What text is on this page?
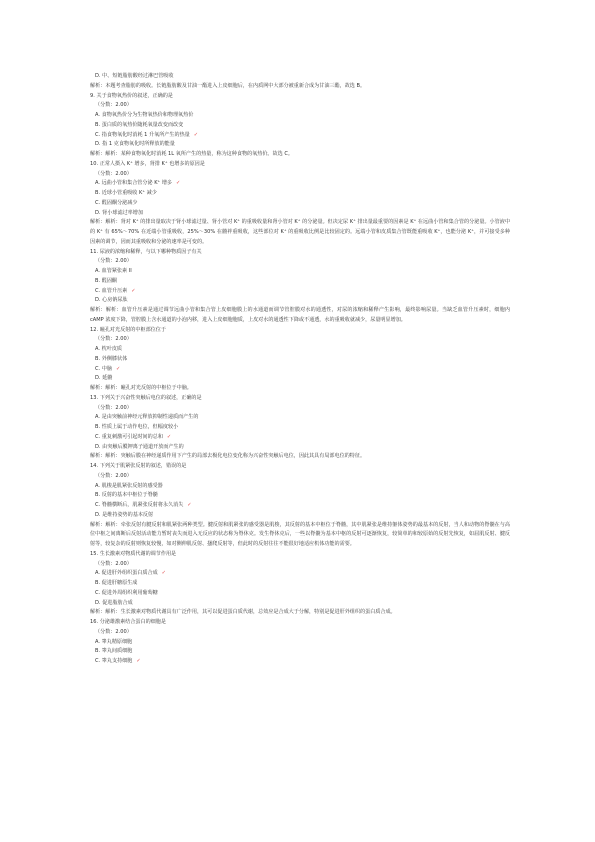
D. 中、短链脂肪酸经过淋巴管吸收
解析：本题考查脂肪的吸收。长链脂肪酸及甘油一酯进入上皮细胞后，在内质网中大部分被重新合成为甘油三酯，故选 B。
9. 关于食物氧热价的叙述，正确的是
（分数：2.00）
A. 食物氧热价分为生物氧热价和物理氧热价
B. 蛋白质的氧热价随耗氧量改变而改变
C. 指食物氧化时消耗 1 升氧所产生的热量 ✓
D. 指 1 克食物氧化时所释放的能量
解析：解析：某种食物氧化时消耗 1L 氧所产生的热量，称为这种食物的氧热价。故选 C。
10. 正常人摄入 K⁺ 增多，肾排 K⁺ 也增多的原因是
（分数：2.00）
A. 远曲小管和集合管分泌 K⁺ 增多 ✓
B. 近球小管重吸收 K⁺ 减少
C. 醛固酮分泌减少
D. 肾小球滤过率增加
解析：解析：肾对 K⁺ 的排出量取决于肾小球滤过量、肾小管对 K⁺ 的重吸收量和肾小管对 K⁺ 的分泌量。但决定尿 K⁺ 排出量最重要的因素是 K⁺ 在远曲小管和集合管的分泌量。小管液中的 K⁺ 有 65%～70% 在近端小管重吸收，25%～30% 在髓袢重吸收，这些部位对 K⁺ 的重吸收比例是比较固定的。远端小管和皮质集合管既能重吸收 K⁺，也能分泌 K⁺，并可接受多种因素的调节，因而其重吸收和分泌的速率是可变的。
11. 尿液的浓缩和稀释，与以下哪种物质因子有关
（分数：2.00）
A. 血管紧张素 II
B. 醛固酮
C. 血管升压素 ✓
D. 心房钠尿肽
解析：解析：血管升压素是通过调节远曲小管和集合管上皮细胞膜上的水通道而调节管腔膜对水的通透性，对尿的浓缩和稀释产生影响，最终影响尿量。当缺乏血管升压素时，细胞内 cAMP 浓度下降，管腔膜上含水通道的小泡内移，进入上皮细胞胞质，上皮对水的通透性下降或不通透，水的重吸收就减少，尿量明显增加。
12. 瞳孔对光反射的中枢部位位于
（分数：2.00）
A. 枕叶皮质
B. 外侧膝状体
C. 中脑 ✓
D. 延髓
解析：解析：瞳孔对光反射的中枢位于中脑。
13. 下列关于兴奋性突触后电位的叙述，正确的是
（分数：2.00）
A. 是由突触前神经元释放抑制性递质而产生的
B. 性质上属于动作电位，但幅度较小
C. 重复刺激可引起时间的总和 ✓
D. 由突触后膜钾离子通道开放而产生的
解析：解析：突触后膜在神经递质作用下产生的局部去极化电位变化称为兴奋性突触后电位，因此其具有局部电位的特征。
14. 下列关于肌紧张反射的叙述，错误的是
（分数：2.00）
A. 肌梭是肌紧张反射的感受器
B. 反射的基本中枢位于脊髓
C. 脊髓横断后，肌紧张反射将永久消失 ✓
D. 是维持姿势的基本反射
解析：解析：牵张反射有腱反射和肌紧张两种类型。腱反射和肌紧张的感受器是肌梭，其反射的基本中枢位于脊髓，其中肌紧张是维持躯体姿势的最基本的反射，当人和动物的脊髓在与高位中枢之间离断后反射活动能力暂时丧失而进入无反应的状态称为脊休克。发生脊休克后，一些以脊髓为基本中枢的反射可逐渐恢复，较简单的和较原始的反射先恢复，如屈肌反射、腱反射等，较复杂的反射则恢复较慢，如对侧伸肌反射、搔爬反射等，但此时的反射往往不能很好地适应机体功能的需要。
15. 生长激素对物质代谢的调节作用是
（分数：2.00）
A. 促进肝外组织蛋白质合成 ✓
B. 促进肝糖原生成
C. 促进外周组织利用葡萄糖
D. 促进脂肪合成
解析：解析：生长激素对物质代谢具有广泛作用，其可以促进蛋白质代谢，总效应是合成大于分解，特别是促进肝外组织的蛋白质合成。
16. 分泌雄激素结合蛋白的细胞是
（分数：2.00）
A. 睾丸精原细胞
B. 睾丸间质细胞
C. 睾丸支持细胞 ✓
